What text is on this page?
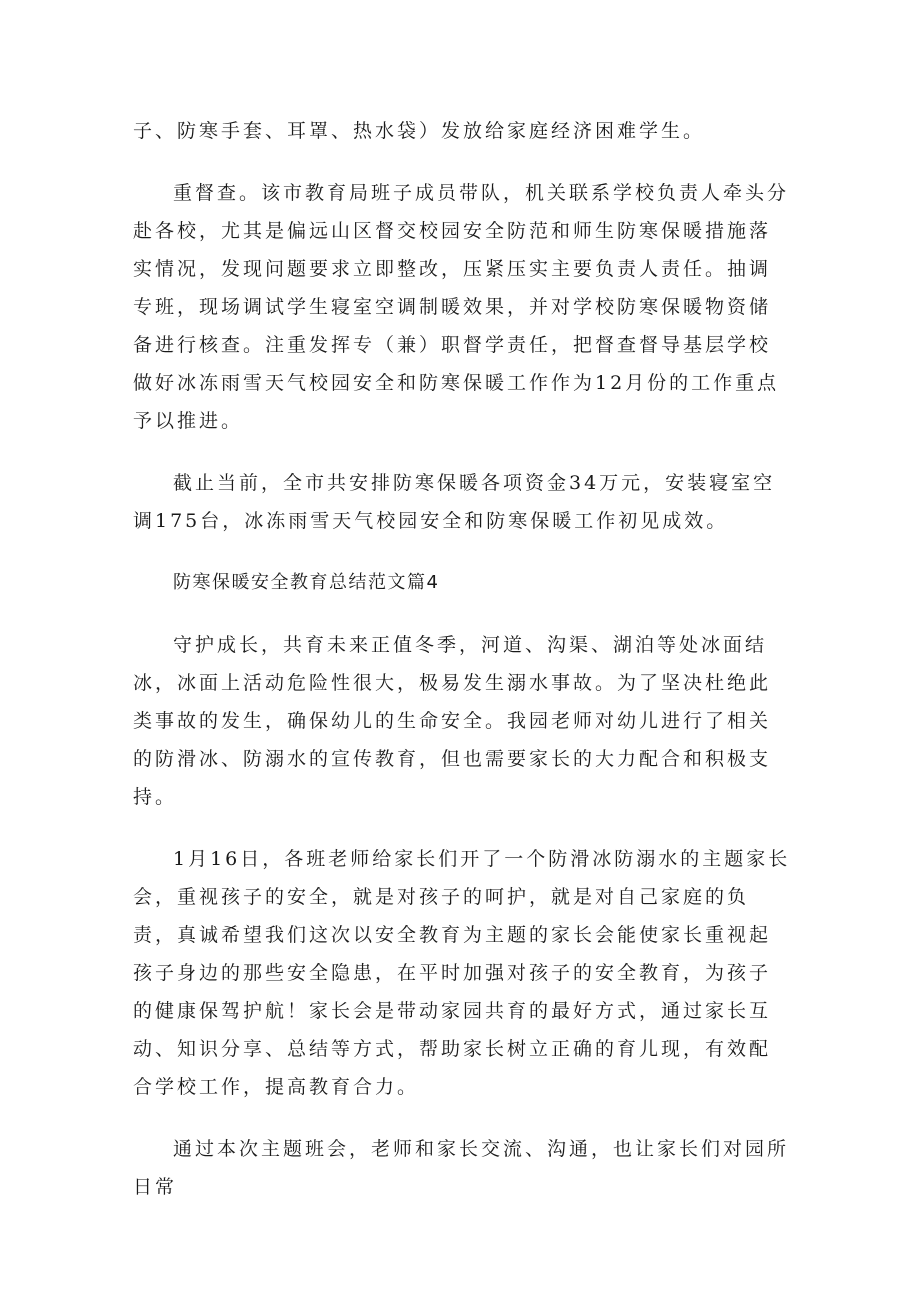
子、防寒手套、耳罩、热水袋）发放给家庭经济困难学生。

重督查。该市教育局班子成员带队，机关联系学校负责人牵头分赴各校，尤其是偏远山区督交校园安全防范和师生防寒保暖措施落实情况，发现问题要求立即整改，压紧压实主要负责人责任。抽调专班，现场调试学生寝室空调制暖效果，并对学校防寒保暖物资储备进行核查。注重发挥专（兼）职督学责任，把督查督导基层学校做好冰冻雨雪天气校园安全和防寒保暖工作作为12月份的工作重点予以推进。

截止当前，全市共安排防寒保暖各项资金34万元，安装寝室空调175台，冰冻雨雪天气校园安全和防寒保暖工作初见成效。

防寒保暖安全教育总结范文篇4

守护成长，共育未来正值冬季，河道、沟渠、湖泊等处冰面结冰，冰面上活动危险性很大，极易发生溺水事故。为了坚决杜绝此类事故的发生，确保幼儿的生命安全。我园老师对幼儿进行了相关的防滑冰、防溺水的宣传教育，但也需要家长的大力配合和积极支持。

1月16日，各班老师给家长们开了一个防滑冰防溺水的主题家长会，重视孩子的安全，就是对孩子的呵护，就是对自己家庭的负责，真诚希望我们这次以安全教育为主题的家长会能使家长重视起孩子身边的那些安全隐患，在平时加强对孩子的安全教育，为孩子的健康保驾护航！家长会是带动家园共育的最好方式，通过家长互动、知识分享、总结等方式，帮助家长树立正确的育儿现，有效配合学校工作，提高教育合力。

通过本次主题班会，老师和家长交流、沟通，也让家长们对园所日常
